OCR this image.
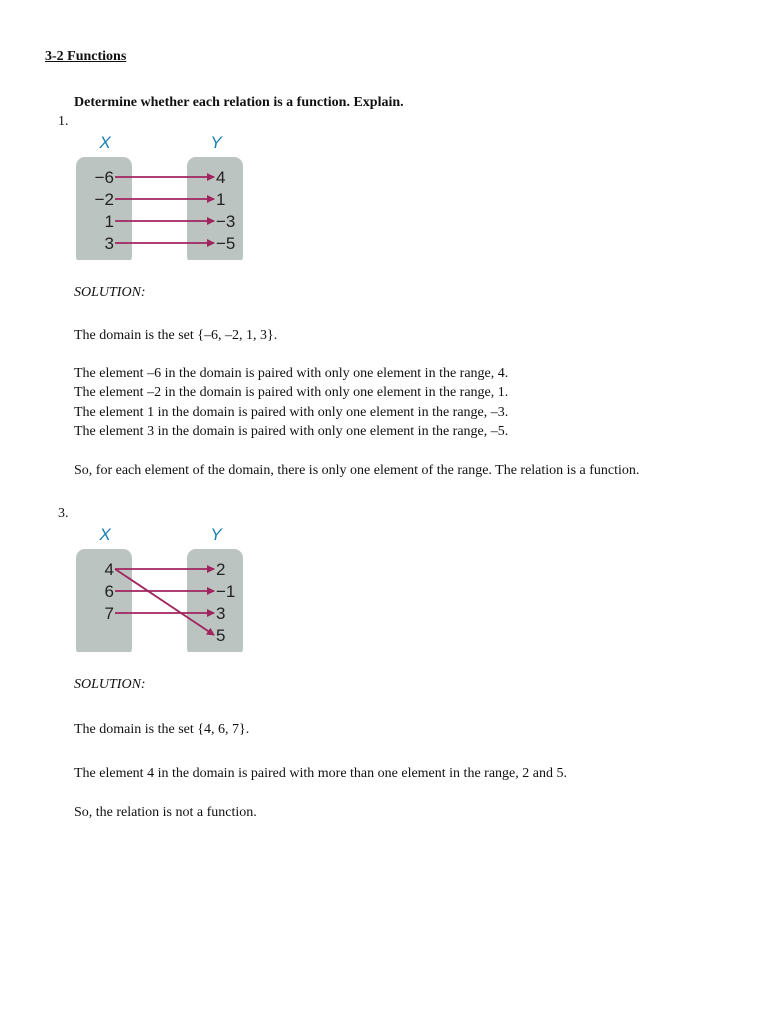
3-2 Functions
Determine whether each relation is a function. Explain.
1.
X	Y
−6
−2
1
3
4
1
−3
−5
SOLUTION:
The domain is the set {–6, –2, 1, 3}.
The element –6 in the domain is paired with only one element in the range, 4.
The element –2 in the domain is paired with only one element in the range, 1.
The element 1 in the domain is paired with only one element in the range, –3.
The element 3 in the domain is paired with only one element in the range, –5.
So, for each element of the domain, there is only one element of the range. The relation is a function.
3.
X	Y
4
6
7
2
−1
3
5
SOLUTION:
The domain is the set {4, 6, 7}.
The element 4 in the domain is paired with more than one element in the range, 2 and 5.
So, the relation is not a function.
